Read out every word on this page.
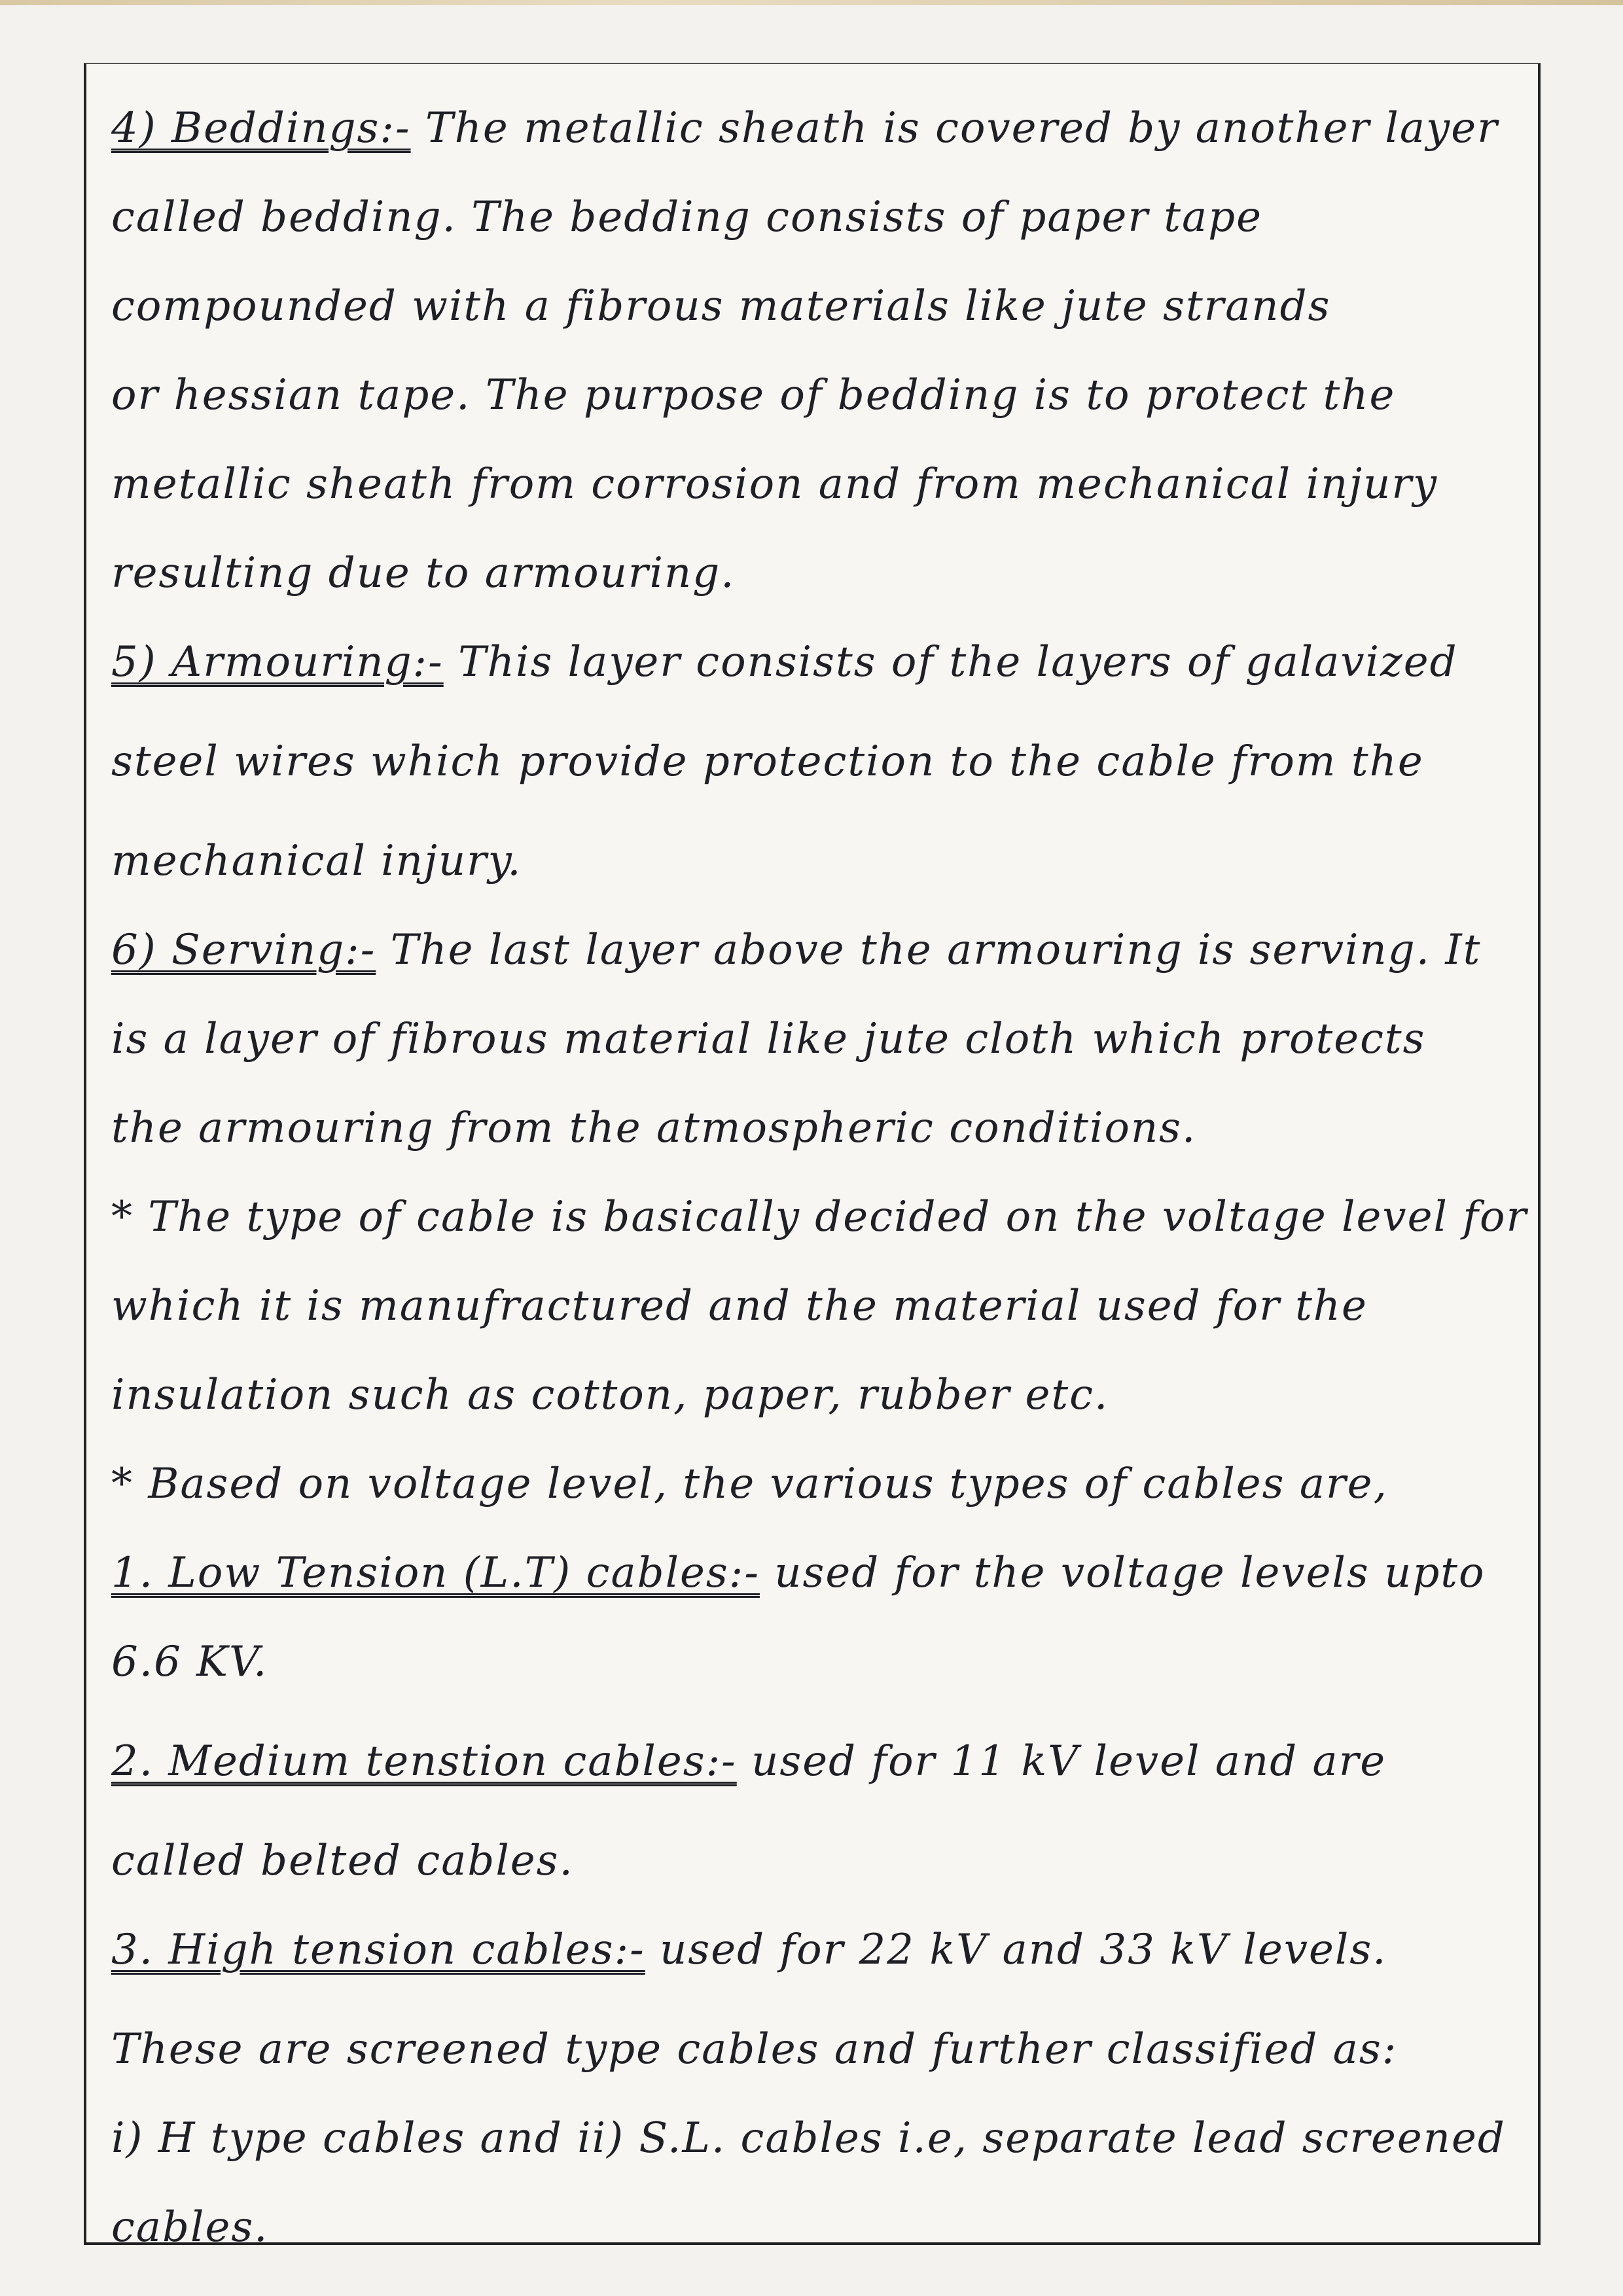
4) Beddings:- The metallic sheath is covered by another layer
called bedding. The bedding consists of paper tape
compounded with a fibrous materials like jute strands
or hessian tape. The purpose of bedding is to protect the
metallic sheath from corrosion and from mechanical injury
resulting due to armouring.
5) Armouring:- This layer consists of the layers of galavized
steel wires which provide protection to the cable from the
mechanical injury.
6) Serving:- The last layer above the armouring is serving. It
is a layer of fibrous material like jute cloth which protects
the armouring from the atmospheric conditions.
* The type of cable is basically decided on the voltage level for
which it is manufractured and the material used for the
insulation such as cotton, paper, rubber etc.
* Based on voltage level, the various types of cables are,
1. Low Tension (L.T) cables:- used for the voltage levels upto
6.6 KV.
2. Medium tenstion cables:- used for 11 kV level and are
called belted cables.
3. High tension cables:- used for 22 kV and 33 kV levels.
These are screened type cables and further classified as:
i) H type cables and ii) S.L. cables i.e, separate lead screened
cables.
